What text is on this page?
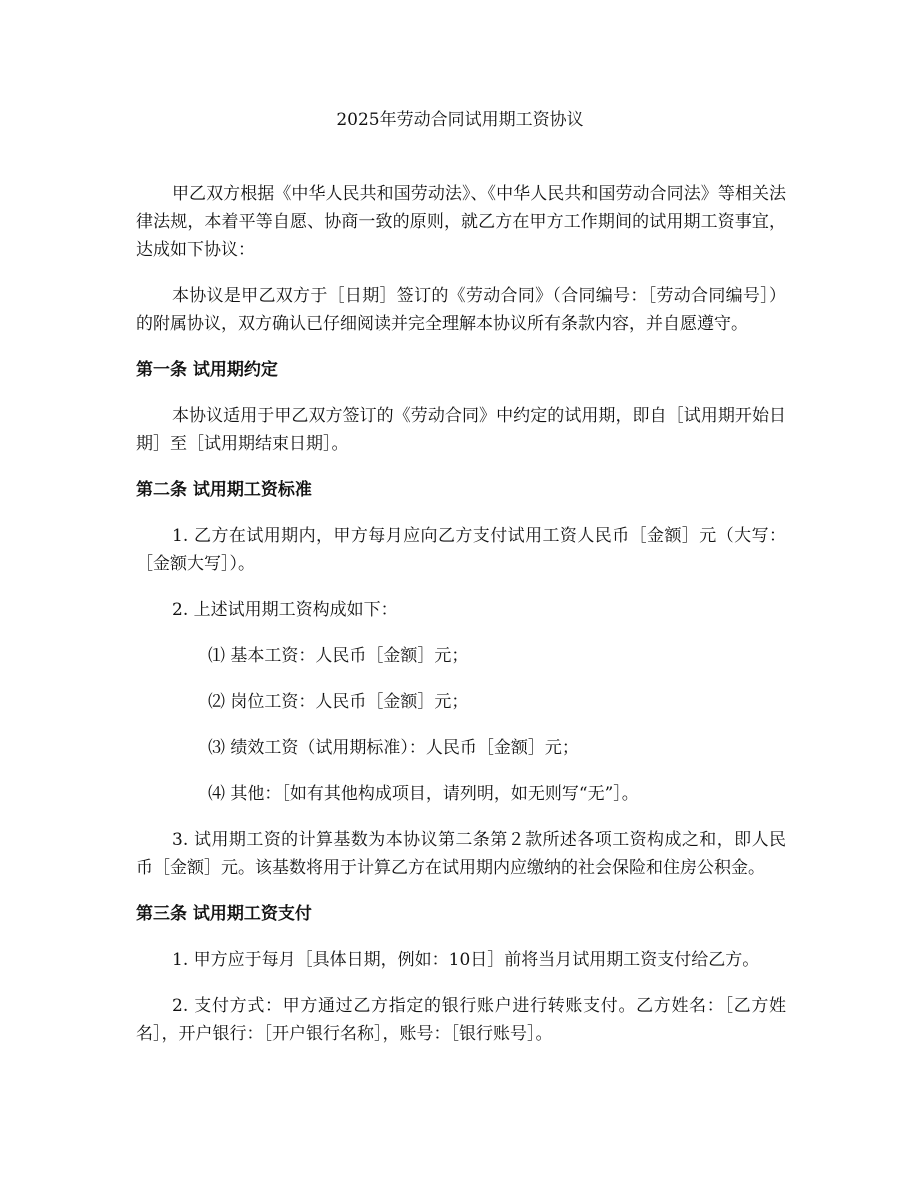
2025年劳动合同试用期工资协议

甲乙双方根据《中华人民共和国劳动法》、《中华人民共和国劳动合同法》等相关法律法规，本着平等自愿、协商一致的原则，就乙方在甲方工作期间的试用期工资事宜，达成如下协议：

本协议是甲乙双方于［日期］签订的《劳动合同》（合同编号：［劳动合同编号］）的附属协议，双方确认已仔细阅读并完全理解本协议所有条款内容，并自愿遵守。

第一条 试用期约定

本协议适用于甲乙双方签订的《劳动合同》中约定的试用期，即自［试用期开始日期］至［试用期结束日期］。

第二条 试用期工资标准

1. 乙方在试用期内，甲方每月应向乙方支付试用工资人民币［金额］元（大写：［金额大写］）。

2. 上述试用期工资构成如下：

⑴ 基本工资：人民币［金额］元；

⑵ 岗位工资：人民币［金额］元；

⑶ 绩效工资（试用期标准）：人民币［金额］元；

⑷ 其他：［如有其他构成项目，请列明，如无则写“无”］。

3. 试用期工资的计算基数为本协议第二条第２款所述各项工资构成之和，即人民币［金额］元。该基数将用于计算乙方在试用期内应缴纳的社会保险和住房公积金。

第三条 试用期工资支付

1. 甲方应于每月［具体日期，例如：10日］前将当月试用期工资支付给乙方。

2. 支付方式：甲方通过乙方指定的银行账户进行转账支付。乙方姓名：［乙方姓名］，开户银行：［开户银行名称］，账号：［银行账号］。
